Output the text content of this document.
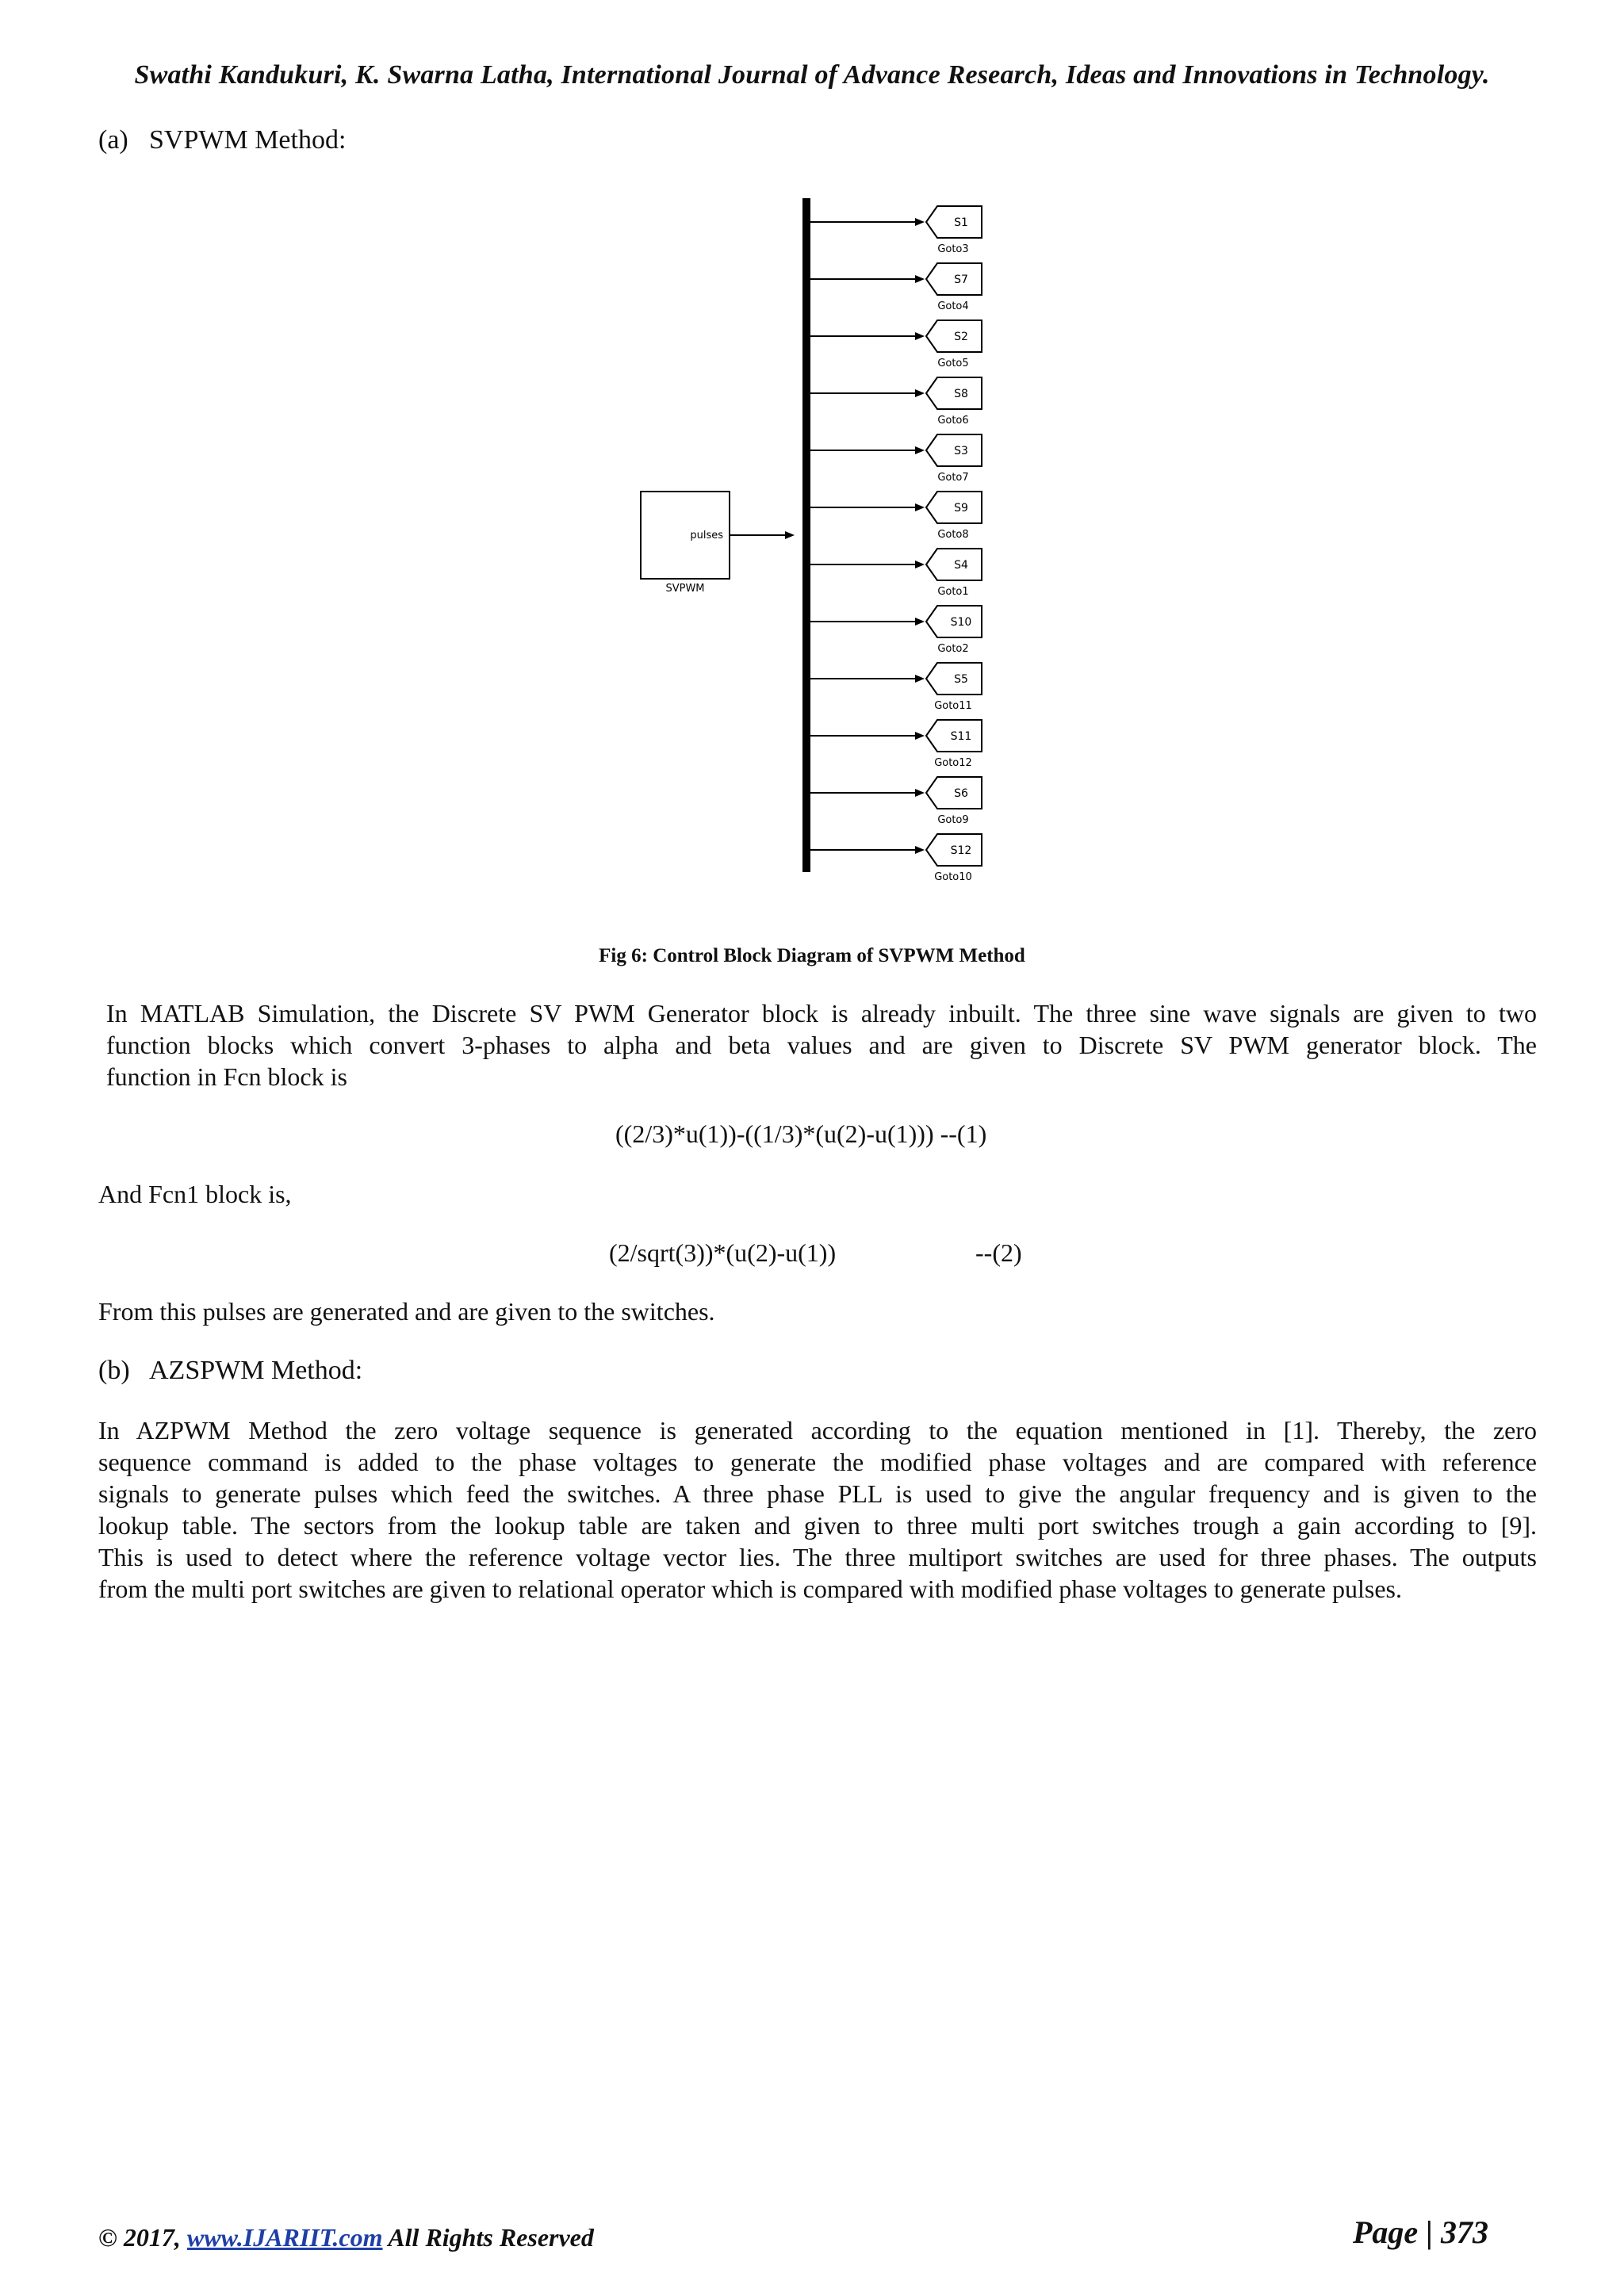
Swathi Kandukuri, K. Swarna Latha, International Journal of Advance Research, Ideas and Innovations in Technology.
(a) SVPWM Method:
pulses
SVPWM
S1
Goto3
S7
Goto4
S2
Goto5
S8
Goto6
S3
Goto7
S9
Goto8
S4
Goto1
S10
Goto2
S5
Goto11
S11
Goto12
S6
Goto9
S12
Goto10
Fig 6: Control Block Diagram of SVPWM Method
In MATLAB Simulation, the Discrete SV PWM Generator block is already inbuilt. The three sine wave signals are given to two
function blocks which convert 3-phases to alpha and beta values and are given to Discrete SV PWM generator block. The
function in Fcn block is
((2/3)*u(1))-((1/3)*(u(2)-u(1))) --(1)
And Fcn1 block is,
(2/sqrt(3))*(u(2)-u(1))	--(2)
From this pulses are generated and are given to the switches.
(b) AZSPWM Method:
In AZPWM Method the zero voltage sequence is generated according to the equation mentioned in [1]. Thereby, the zero
sequence command is added to the phase voltages to generate the modified phase voltages and are compared with reference
signals to generate pulses which feed the switches. A three phase PLL is used to give the angular frequency and is given to the
lookup table. The sectors from the lookup table are taken and given to three multi port switches trough a gain according to [9].
This is used to detect where the reference voltage vector lies. The three multiport switches are used for three phases. The outputs
from the multi port switches are given to relational operator which is compared with modified phase voltages to generate pulses.
© 2017, www.IJARIIT.com All Rights Reserved	Page | 373
